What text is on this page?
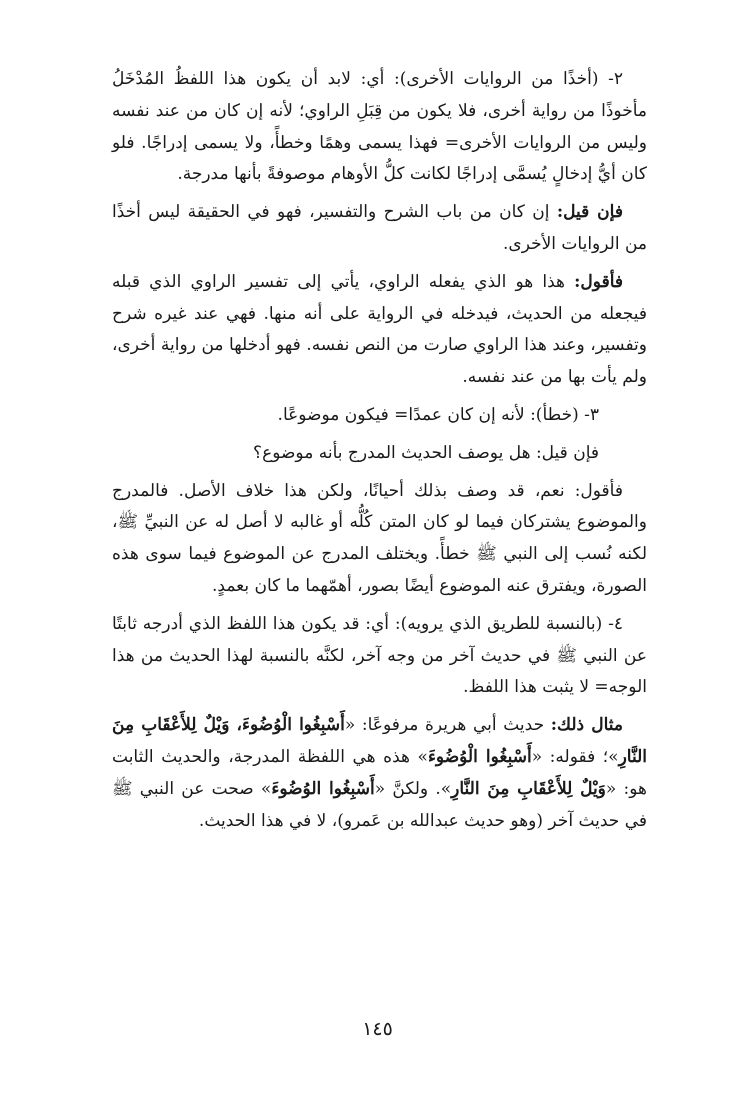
٢- (أخذًا من الروايات الأخرى): أي: لابد أن يكون هذا اللفظُ المُدْخَلُ مأخوذًا من رواية أخرى، فلا يكون من قِبَلِ الراوي؛ لأنه إن كان من عند نفسه وليس من الروايات الأخرى= فهذا يسمى وهمًا وخطأً، ولا يسمى إدراجًا. فلو كان أيُّ إدخالٍ يُسمَّى إدراجًا لكانت كلُّ الأوهام موصوفةً بأنها مدرجة.

فإن قيل: إن كان من باب الشرح والتفسير، فهو في الحقيقة ليس أخذًا من الروايات الأخرى.

فأقول: هذا هو الذي يفعله الراوي، يأتي إلى تفسير الراوي الذي قبله فيجعله من الحديث، فيدخله في الرواية على أنه منها. فهي عند غيره شرح وتفسير، وعند هذا الراوي صارت من النص نفسه. فهو أدخلها من رواية أخرى، ولم يأت بها من عند نفسه.

٣- (خطأ): لأنه إن كان عمدًا= فيكون موضوعًا.

فإن قيل: هل يوصف الحديث المدرج بأنه موضوع؟

فأقول: نعم، قد وصف بذلك أحيانًا، ولكن هذا خلاف الأصل. فالمدرج والموضوع يشتركان فيما لو كان المتن كُلُّه أو غالبه لا أصل له عن النبيِّ ﷺ، لكنه نُسب إلى النبي ﷺ خطأً. ويختلف المدرج عن الموضوع فيما سوى هذه الصورة، ويفترق عنه الموضوع أيضًا بصور، أهمّهما ما كان بعمدٍ.

٤- (بالنسبة للطريق الذي يرويه): أي: قد يكون هذا اللفظ الذي أدرجه ثابتًا عن النبي ﷺ في حديث آخر من وجه آخر، لكنَّه بالنسبة لهذا الحديث من هذا الوجه= لا يثبت هذا اللفظ.

مثال ذلك: حديث أبي هريرة مرفوعًا: «أَسْبِغُوا الْوُضُوءَ، وَيْلٌ لِلأَعْقَابِ مِنَ النَّارِ»؛ فقوله: «أَسْبِغُوا الْوُضُوءَ» هذه هي اللفظة المدرجة، والحديث الثابت هو: «وَيْلٌ لِلأَعْقَابِ مِنَ النَّارِ». ولكنَّ «أَسْبِغُوا الوُضُوءَ» صحت عن النبي ﷺ في حديث آخر (وهو حديث عبدالله بن عَمرو)، لا في هذا الحديث.

١٤٥
